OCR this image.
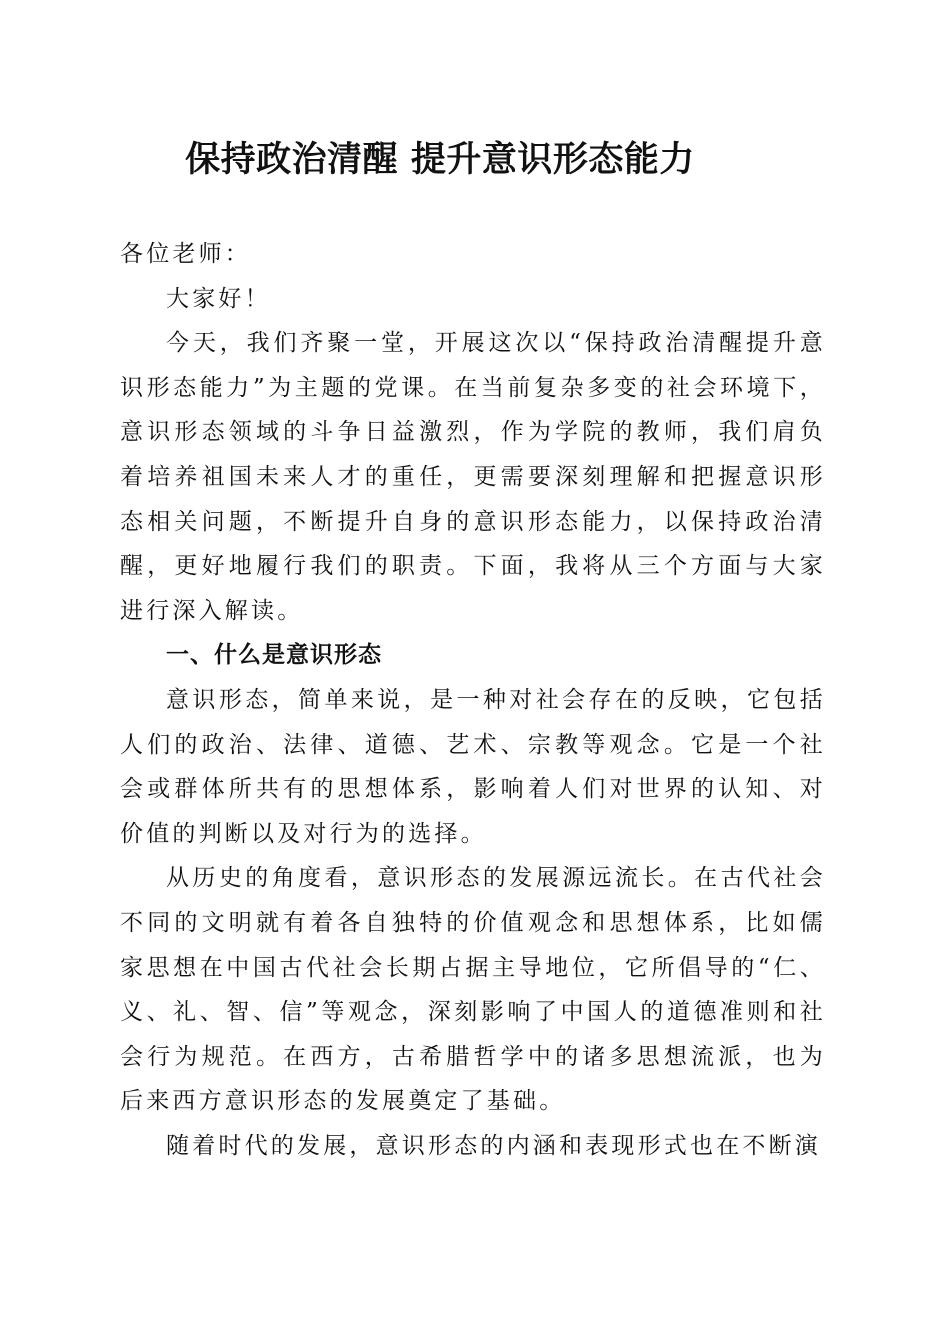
保持政治清醒 提升意识形态能力

各位老师：

大家好！

今天，我们齐聚一堂，开展这次以“保持政治清醒提升意识形态能力”为主题的党课。在当前复杂多变的社会环境下，意识形态领域的斗争日益激烈，作为学院的教师，我们肩负着培养祖国未来人才的重任，更需要深刻理解和把握意识形态相关问题，不断提升自身的意识形态能力，以保持政治清醒，更好地履行我们的职责。下面，我将从三个方面与大家进行深入解读。

一、什么是意识形态

意识形态，简单来说，是一种对社会存在的反映，它包括人们的政治、法律、道德、艺术、宗教等观念。它是一个社会或群体所共有的思想体系，影响着人们对世界的认知、对价值的判断以及对行为的选择。

从历史的角度看，意识形态的发展源远流长。在古代社会不同的文明就有着各自独特的价值观念和思想体系，比如儒家思想在中国古代社会长期占据主导地位，它所倡导的“仁、义、礼、智、信”等观念，深刻影响了中国人的道德准则和社会行为规范。在西方，古希腊哲学中的诸多思想流派，也为后来西方意识形态的发展奠定了基础。

随着时代的发展，意识形态的内涵和表现形式也在不断演
